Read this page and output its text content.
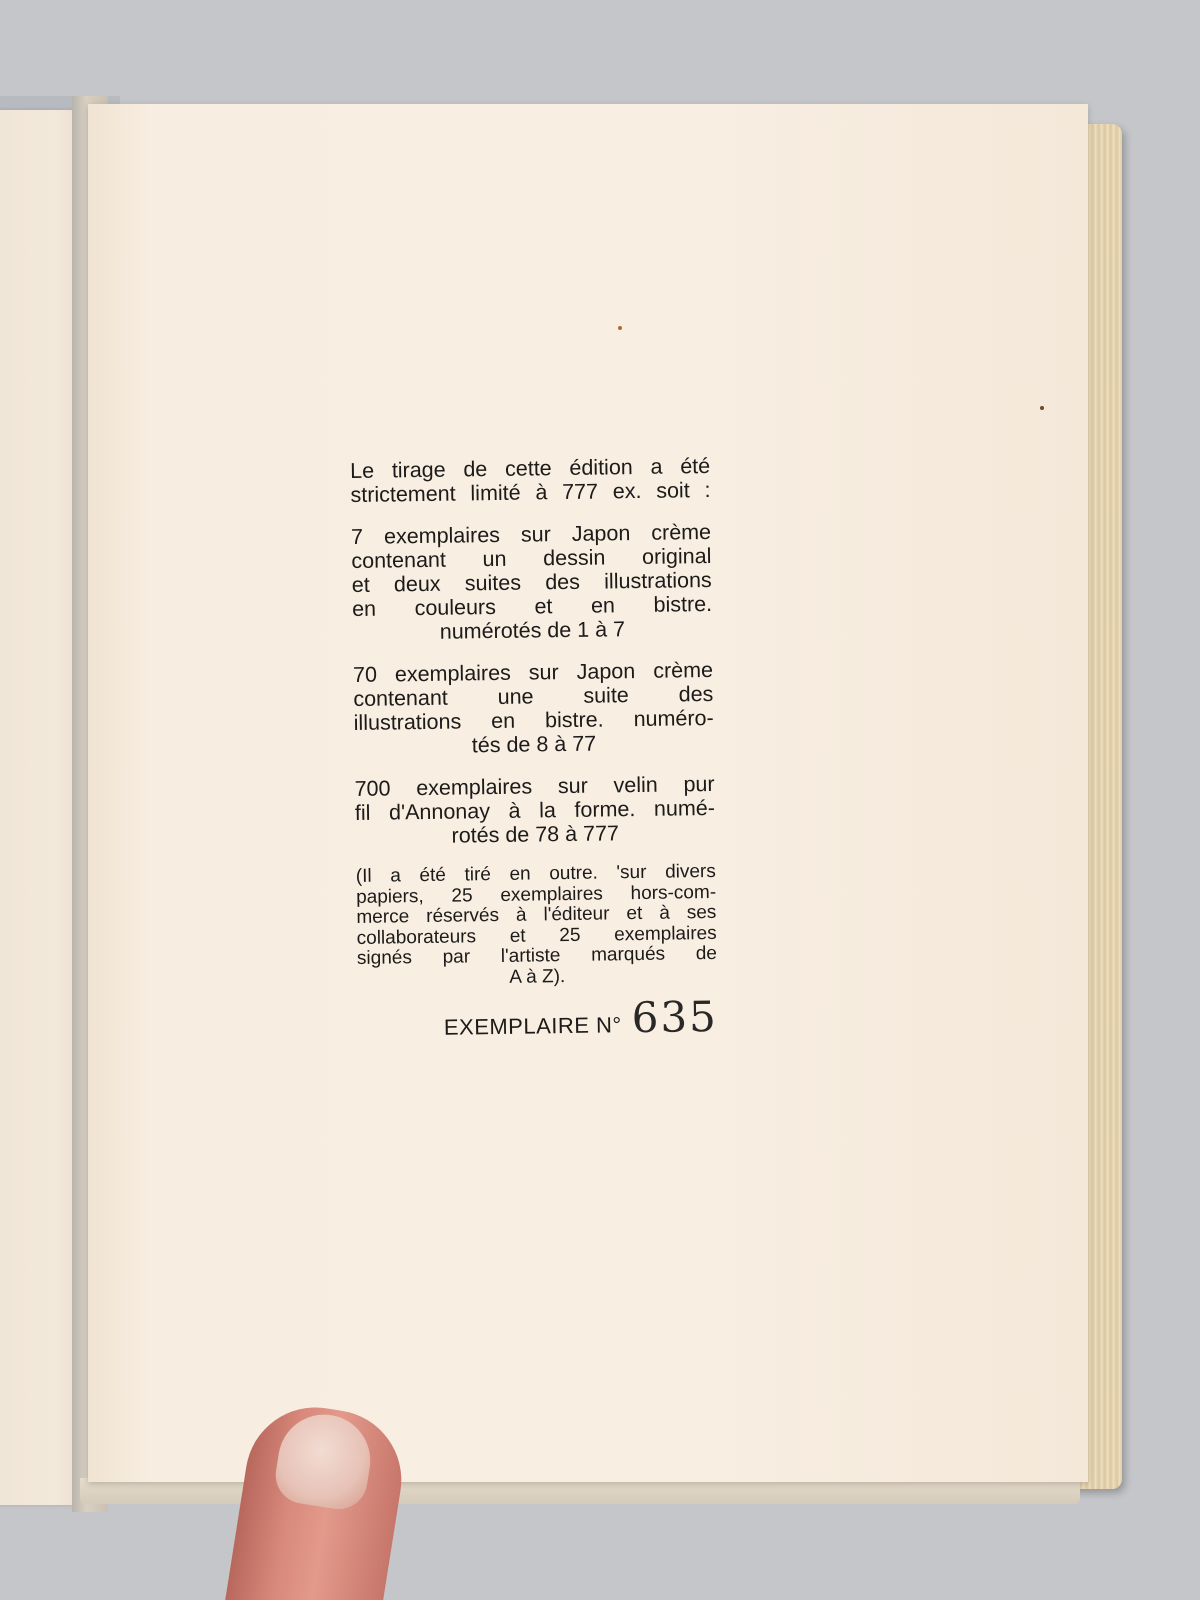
Le tirage de cette édition a été
strictement limité à 777 ex. soit :

7 exemplaires sur Japon crème
contenant un dessin original
et deux suites des illustrations
en couleurs et en bistre.
numérotés de 1 à 7

70 exemplaires sur Japon crème
contenant une suite des
illustrations en bistre. numéro-
tés de 8 à 77

700 exemplaires sur velin pur
fil d'Annonay à la forme. numé-
rotés de 78 à 777

(Il a été tiré en outre. 'sur divers
papiers, 25 exemplaires hors-com-
merce réservés à l'éditeur et à ses
collaborateurs et 25 exemplaires
signés par l'artiste marqués de
A à Z).

EXEMPLAIRE N° 635
